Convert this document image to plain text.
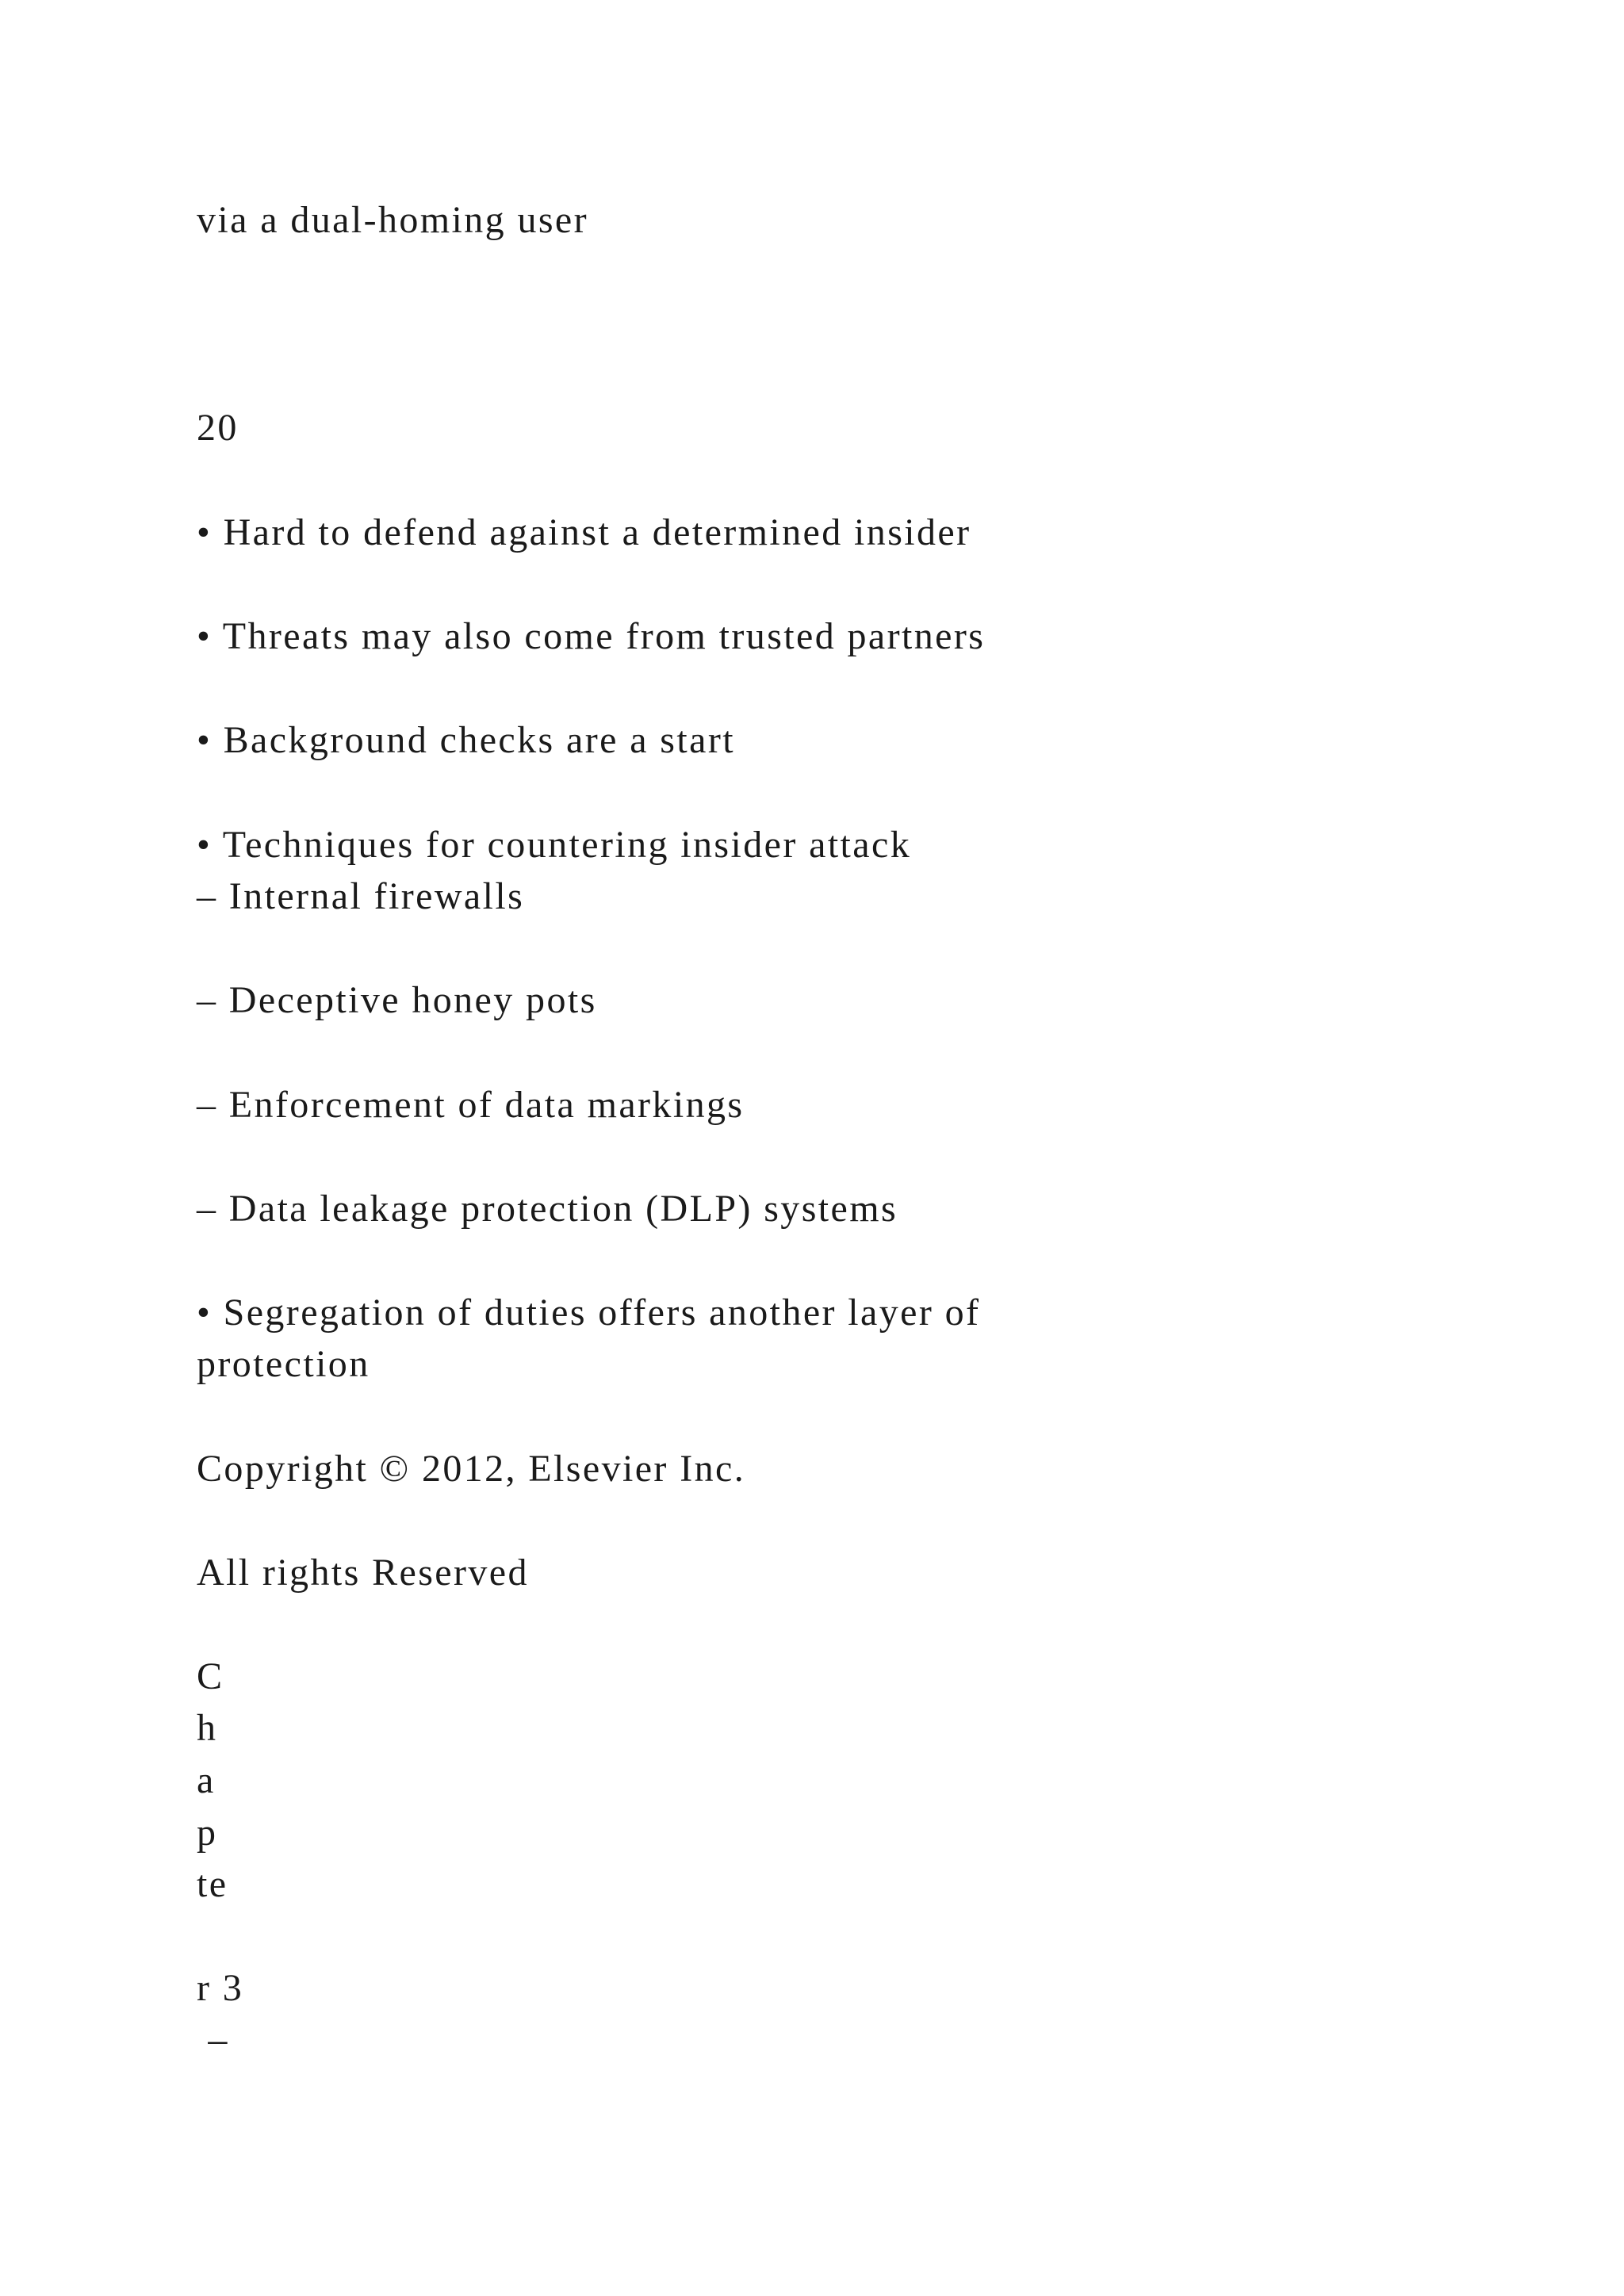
via a dual-homing user

20

• Hard to defend against a determined insider

• Threats may also come from trusted partners

• Background checks are a start

• Techniques for countering insider attack

– Internal firewalls

– Deceptive honey pots

– Enforcement of data markings

– Data leakage protection (DLP) systems

• Segregation of duties offers another layer of

protection

Copyright © 2012, Elsevier Inc.

All rights Reserved

C

h

a

p

te

r 3

–
